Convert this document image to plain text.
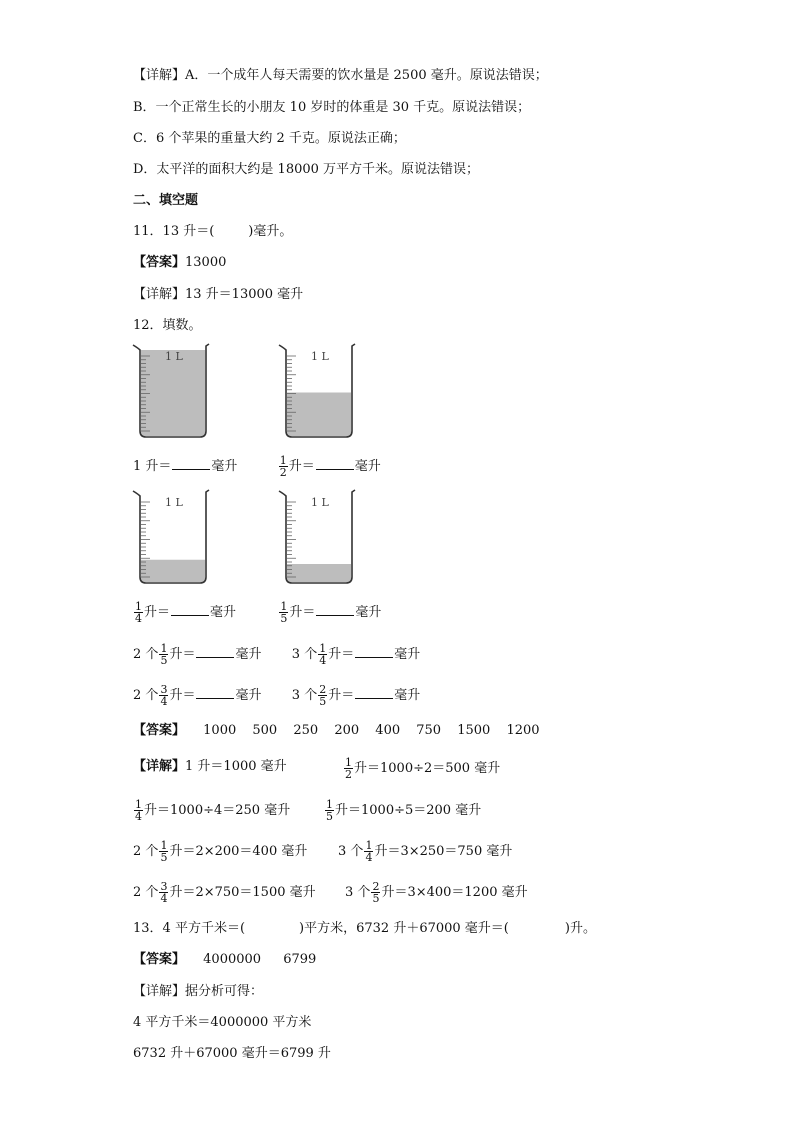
【详解】A．一个成年人每天需要的饮水量是 2500 毫升。原说法错误；
B．一个正常生长的小朋友 10 岁时的体重是 30 千克。原说法错误；
C．6 个苹果的重量大约 2 千克。原说法正确；
D．太平洋的面积大约是 18000 万平方千米。原说法错误；
二、填空题
11．13 升＝(	)毫升。
【答案】13000
【详解】13 升＝13000 毫升
12．填数。
1 L	1 L
1 L	1 L
1 升＝	毫升	$\frac{1}{2}$ 升＝	毫升
$\frac{1}{4}$ 升＝	毫升	$\frac{1}{5}$ 升＝	毫升
2 个 $\frac{1}{5}$ 升＝	毫升 3 个 $\frac{1}{4}$ 升＝	毫升
2 个 $\frac{3}{4}$ 升＝	毫升 3 个 $\frac{2}{5}$ 升＝	毫升
【答案】 1000 500 250 200 400 750 1500 1200
【详解】1 升＝1000 毫升	$\frac{1}{2}$ 升＝1000÷2＝500 毫升
$\frac{1}{4}$ 升＝1000÷4＝250 毫升	$\frac{1}{5}$ 升＝1000÷5＝200 毫升
2 个 $\frac{1}{5}$ 升＝2×200＝400 毫升 3 个 $\frac{1}{4}$ 升＝3×250＝750 毫升
2 个 $\frac{3}{4}$ 升＝2×750＝1500 毫升 3 个 $\frac{2}{5}$ 升＝3×400＝1200 毫升
13．4 平方千米＝(	)平方米，6732 升＋67000 毫升＝(	)升。
【答案】 4000000 6799
【详解】据分析可得：
4 平方千米＝4000000 平方米
6732 升＋67000 毫升＝6799 升
